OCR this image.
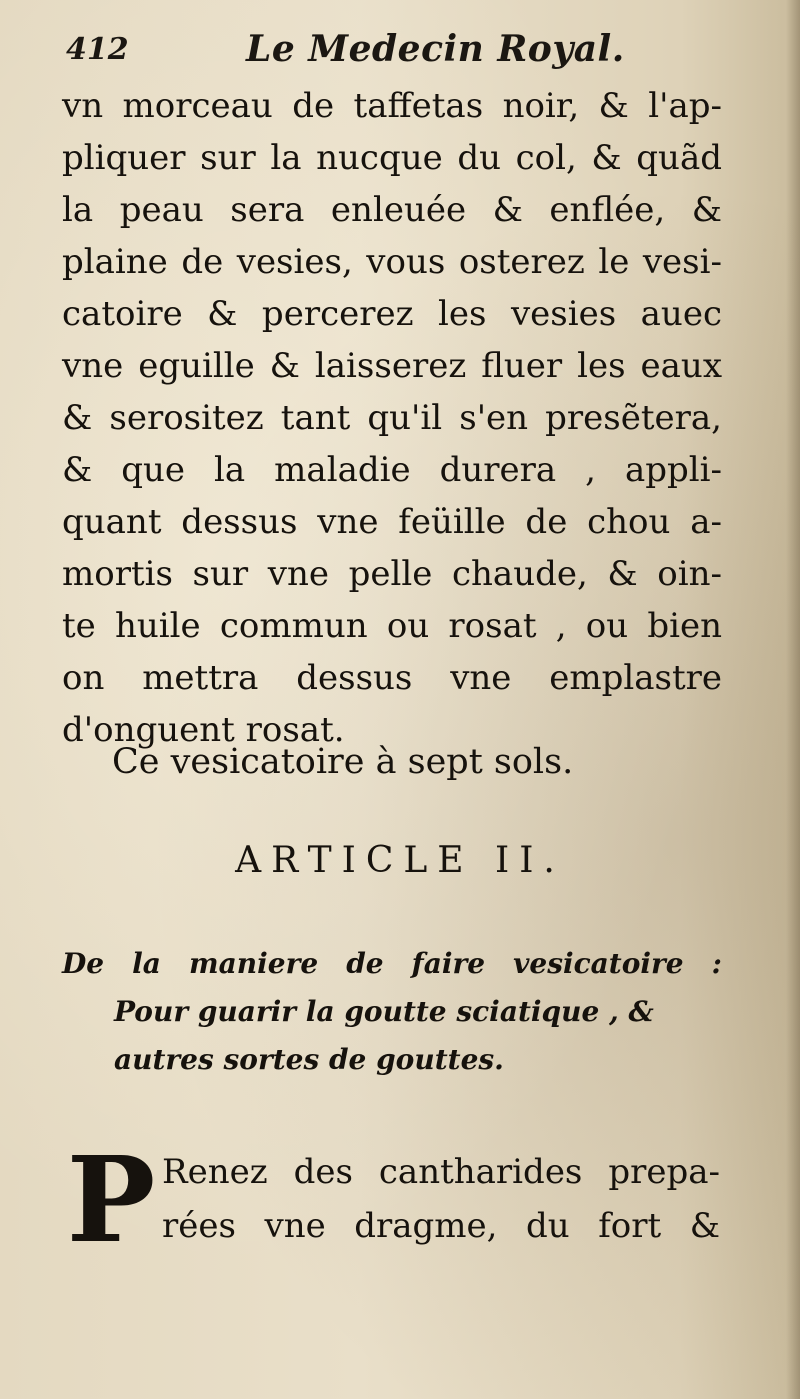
412	Le Medecin Royal.
vn morceau de taffetas noir, & l'ap-
pliquer sur la nucque du col, & quãd
la peau sera enleuée & enflée, &
plaine de vesies, vous osterez le vesi-
catoire & percerez les vesies auec
vne eguille & laisserez fluer les eaux
& serositez tant qu'il s'en presẽtera,
& que la maladie durera , appli-
quant dessus vne feüille de chou a-
mortis sur vne pelle chaude, & oin-
te huile commun ou rosat , ou bien
on mettra dessus vne emplastre
d'onguent rosat.
Ce vesicatoire à sept sols.
ARTICLE II.
De la maniere de faire vesicatoire :
Pour guarir la goutte sciatique , &
autres sortes de gouttes.
P Renez des cantharides prepa-
rées vne dragme, du fort &
